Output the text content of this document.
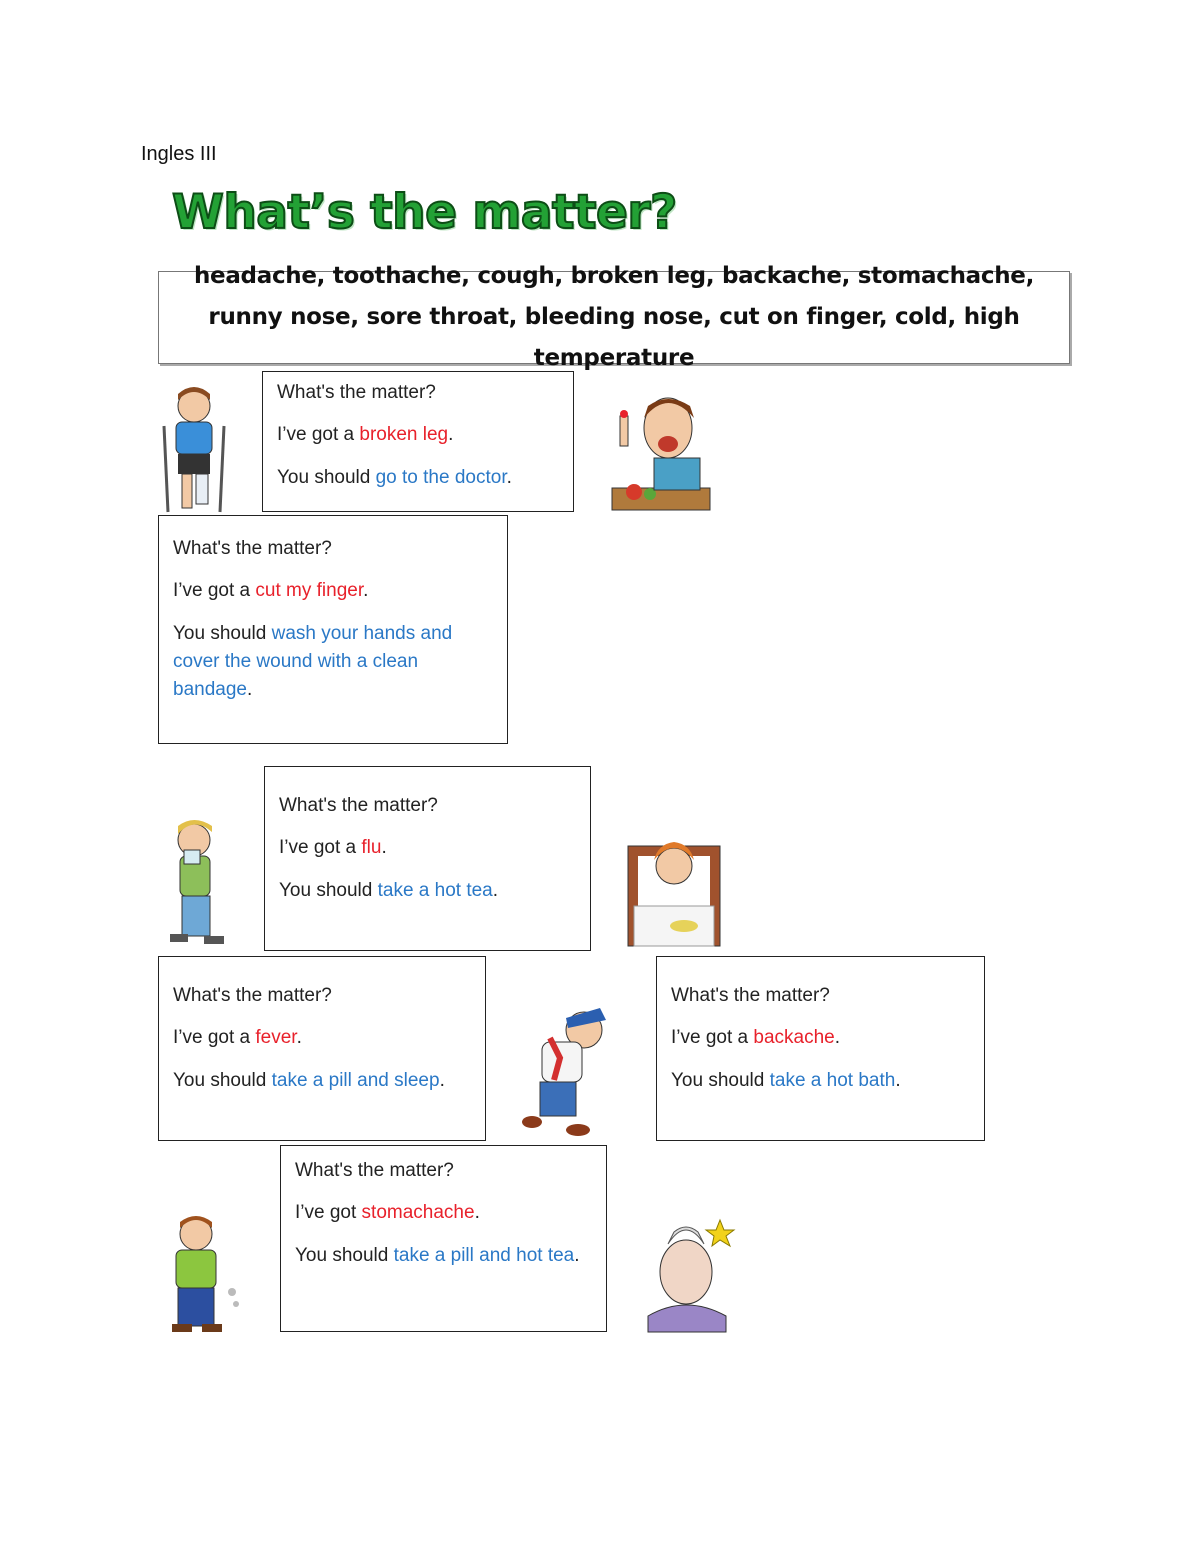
Ingles III
What’s the matter?
headache, toothache, cough, broken leg, backache, stomachache, runny nose, sore throat, bleeding nose, cut on finger, cold, high temperature

What's the matter?

I’ve got a broken leg.

You should go to the doctor.

What's the matter?

I’ve got a cut my finger.

You should wash your hands and cover the wound with a clean bandage.

What's the matter?

I’ve got a flu.

You should take a hot tea.

What's the matter?

I’ve got a fever.

You should take a pill and sleep.

What's the matter?

I’ve got a backache.

You should take a hot bath.

What's the matter?

I’ve got stomachache.

You should take a pill and hot tea.
